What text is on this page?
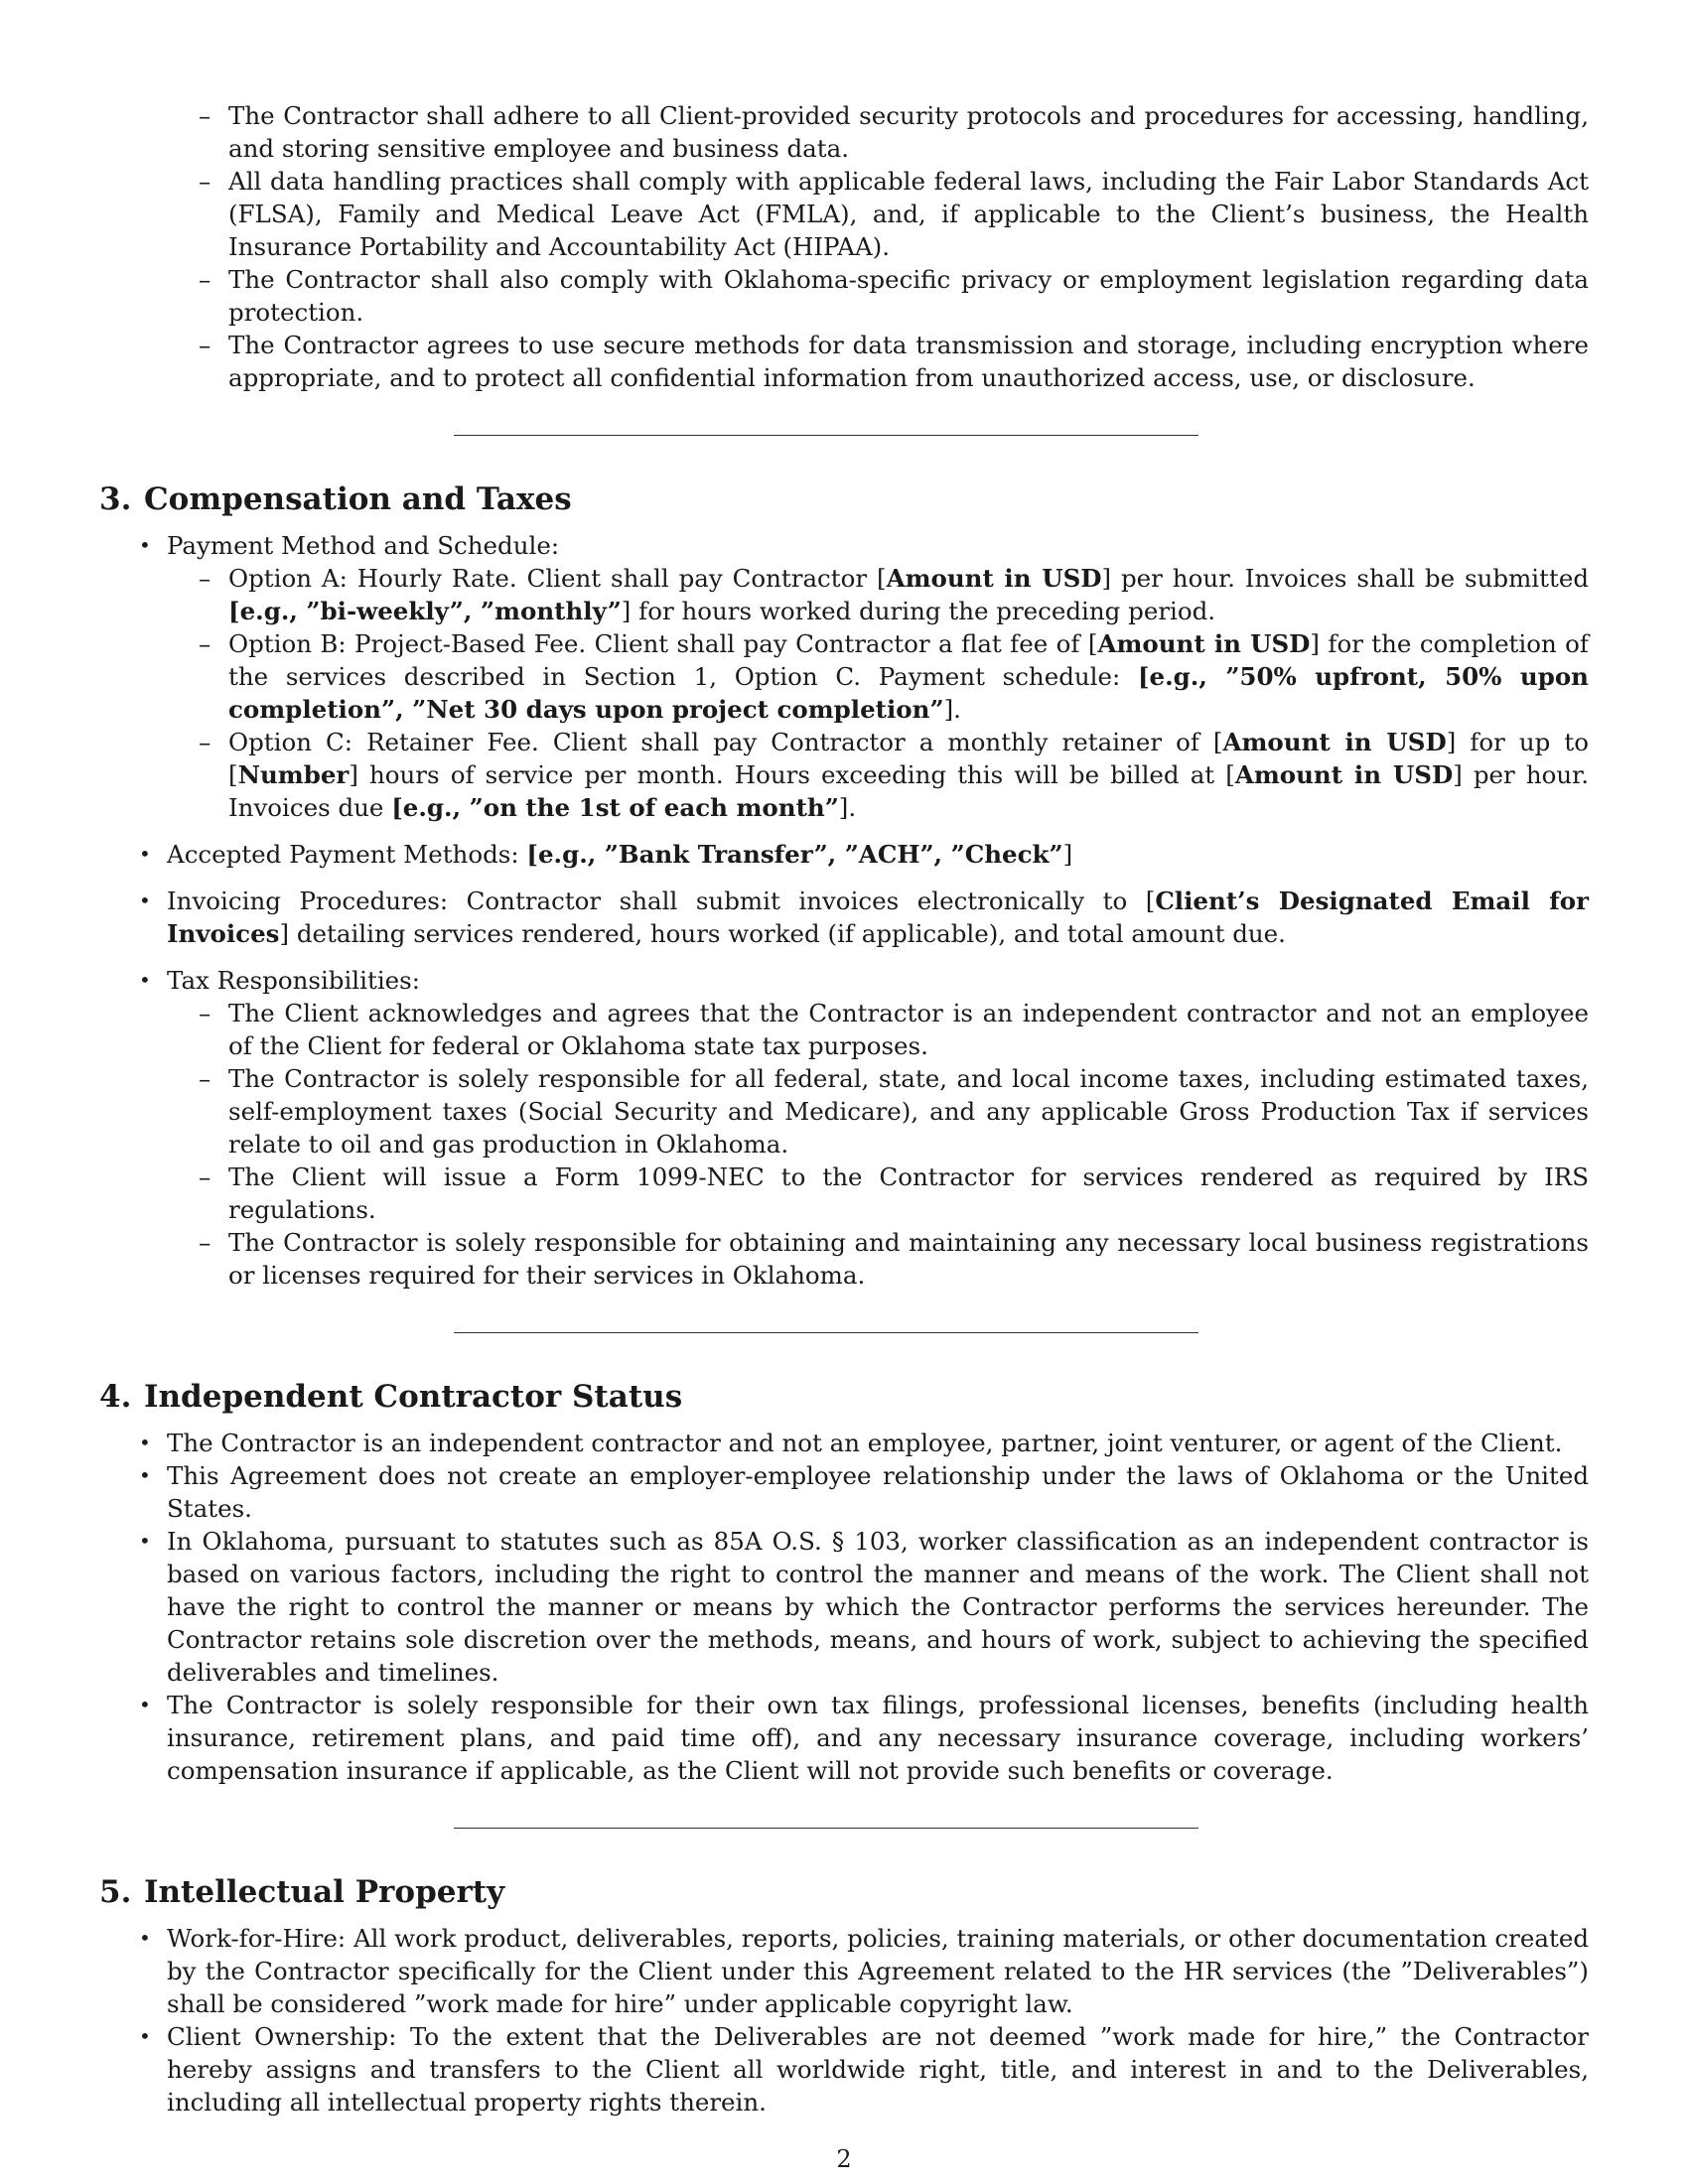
– The Contractor shall adhere to all Client-provided security protocols and procedures for accessing, handling, and storing sensitive employee and business data.
– All data handling practices shall comply with applicable federal laws, including the Fair Labor Standards Act (FLSA), Family and Medical Leave Act (FMLA), and, if applicable to the Client’s business, the Health Insurance Portability and Accountability Act (HIPAA).
– The Contractor shall also comply with Oklahoma-specific privacy or employment legislation regarding data protection.
– The Contractor agrees to use secure methods for data transmission and storage, including encryption where appropriate, and to protect all confidential information from unauthorized access, use, or disclosure.
3. Compensation and Taxes
• Payment Method and Schedule:
– Option A: Hourly Rate. Client shall pay Contractor [Amount in USD] per hour. Invoices shall be submitted [e.g., ”bi-weekly”, ”monthly”] for hours worked during the preceding period.
– Option B: Project-Based Fee. Client shall pay Contractor a flat fee of [Amount in USD] for the completion of the services described in Section 1, Option C. Payment schedule: [e.g., ”50% upfront, 50% upon completion”, ”Net 30 days upon project completion”].
– Option C: Retainer Fee. Client shall pay Contractor a monthly retainer of [Amount in USD] for up to [Number] hours of service per month. Hours exceeding this will be billed at [Amount in USD] per hour. Invoices due [e.g., ”on the 1st of each month”].
• Accepted Payment Methods: [e.g., ”Bank Transfer”, ”ACH”, ”Check”]
• Invoicing Procedures: Contractor shall submit invoices electronically to [Client’s Designated Email for Invoices] detailing services rendered, hours worked (if applicable), and total amount due.
• Tax Responsibilities:
– The Client acknowledges and agrees that the Contractor is an independent contractor and not an employee of the Client for federal or Oklahoma state tax purposes.
– The Contractor is solely responsible for all federal, state, and local income taxes, including estimated taxes, self-employment taxes (Social Security and Medicare), and any applicable Gross Production Tax if services relate to oil and gas production in Oklahoma.
– The Client will issue a Form 1099-NEC to the Contractor for services rendered as required by IRS regulations.
– The Contractor is solely responsible for obtaining and maintaining any necessary local business registrations or licenses required for their services in Oklahoma.
4. Independent Contractor Status
• The Contractor is an independent contractor and not an employee, partner, joint venturer, or agent of the Client.
• This Agreement does not create an employer-employee relationship under the laws of Oklahoma or the United States.
• In Oklahoma, pursuant to statutes such as 85A O.S. § 103, worker classification as an independent contractor is based on various factors, including the right to control the manner and means of the work. The Client shall not have the right to control the manner or means by which the Contractor performs the services hereunder. The Contractor retains sole discretion over the methods, means, and hours of work, subject to achieving the specified deliverables and timelines.
• The Contractor is solely responsible for their own tax filings, professional licenses, benefits (including health insurance, retirement plans, and paid time off), and any necessary insurance coverage, including workers’ compensation insurance if applicable, as the Client will not provide such benefits or coverage.
5. Intellectual Property
• Work-for-Hire: All work product, deliverables, reports, policies, training materials, or other documentation created by the Contractor specifically for the Client under this Agreement related to the HR services (the ”Deliverables”) shall be considered ”work made for hire” under applicable copyright law.
• Client Ownership: To the extent that the Deliverables are not deemed ”work made for hire,” the Contractor hereby assigns and transfers to the Client all worldwide right, title, and interest in and to the Deliverables, including all intellectual property rights therein.
2
